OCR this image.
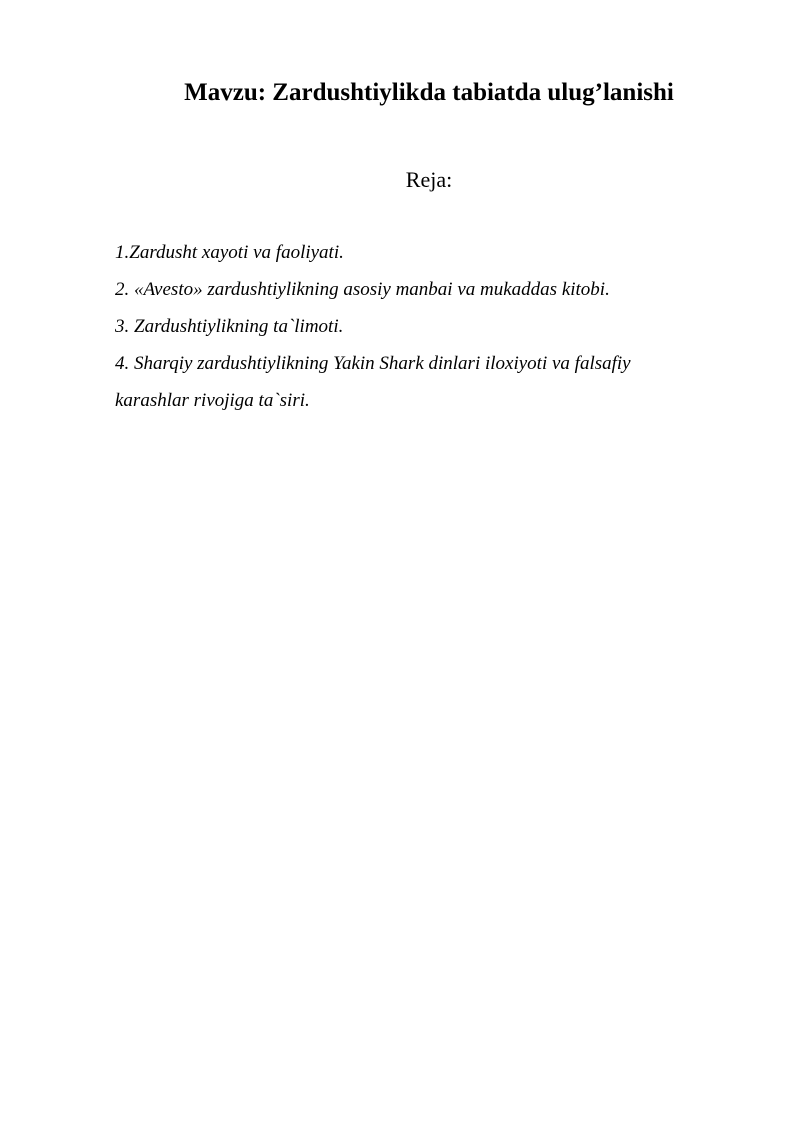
Mavzu: Zardushtiylikda tabiatda ulug’lanishi
Reja:
1.Zardusht xayoti va faoliyati.
2. «Avesto» zardushtiylikning asosiy manbai va mukaddas kitobi.
3. Zardushtiylikning ta`limoti.
4. Sharqiy zardushtiylikning Yakin Shark dinlari iloxiyoti va falsafiy
karashlar rivojiga ta`siri.
